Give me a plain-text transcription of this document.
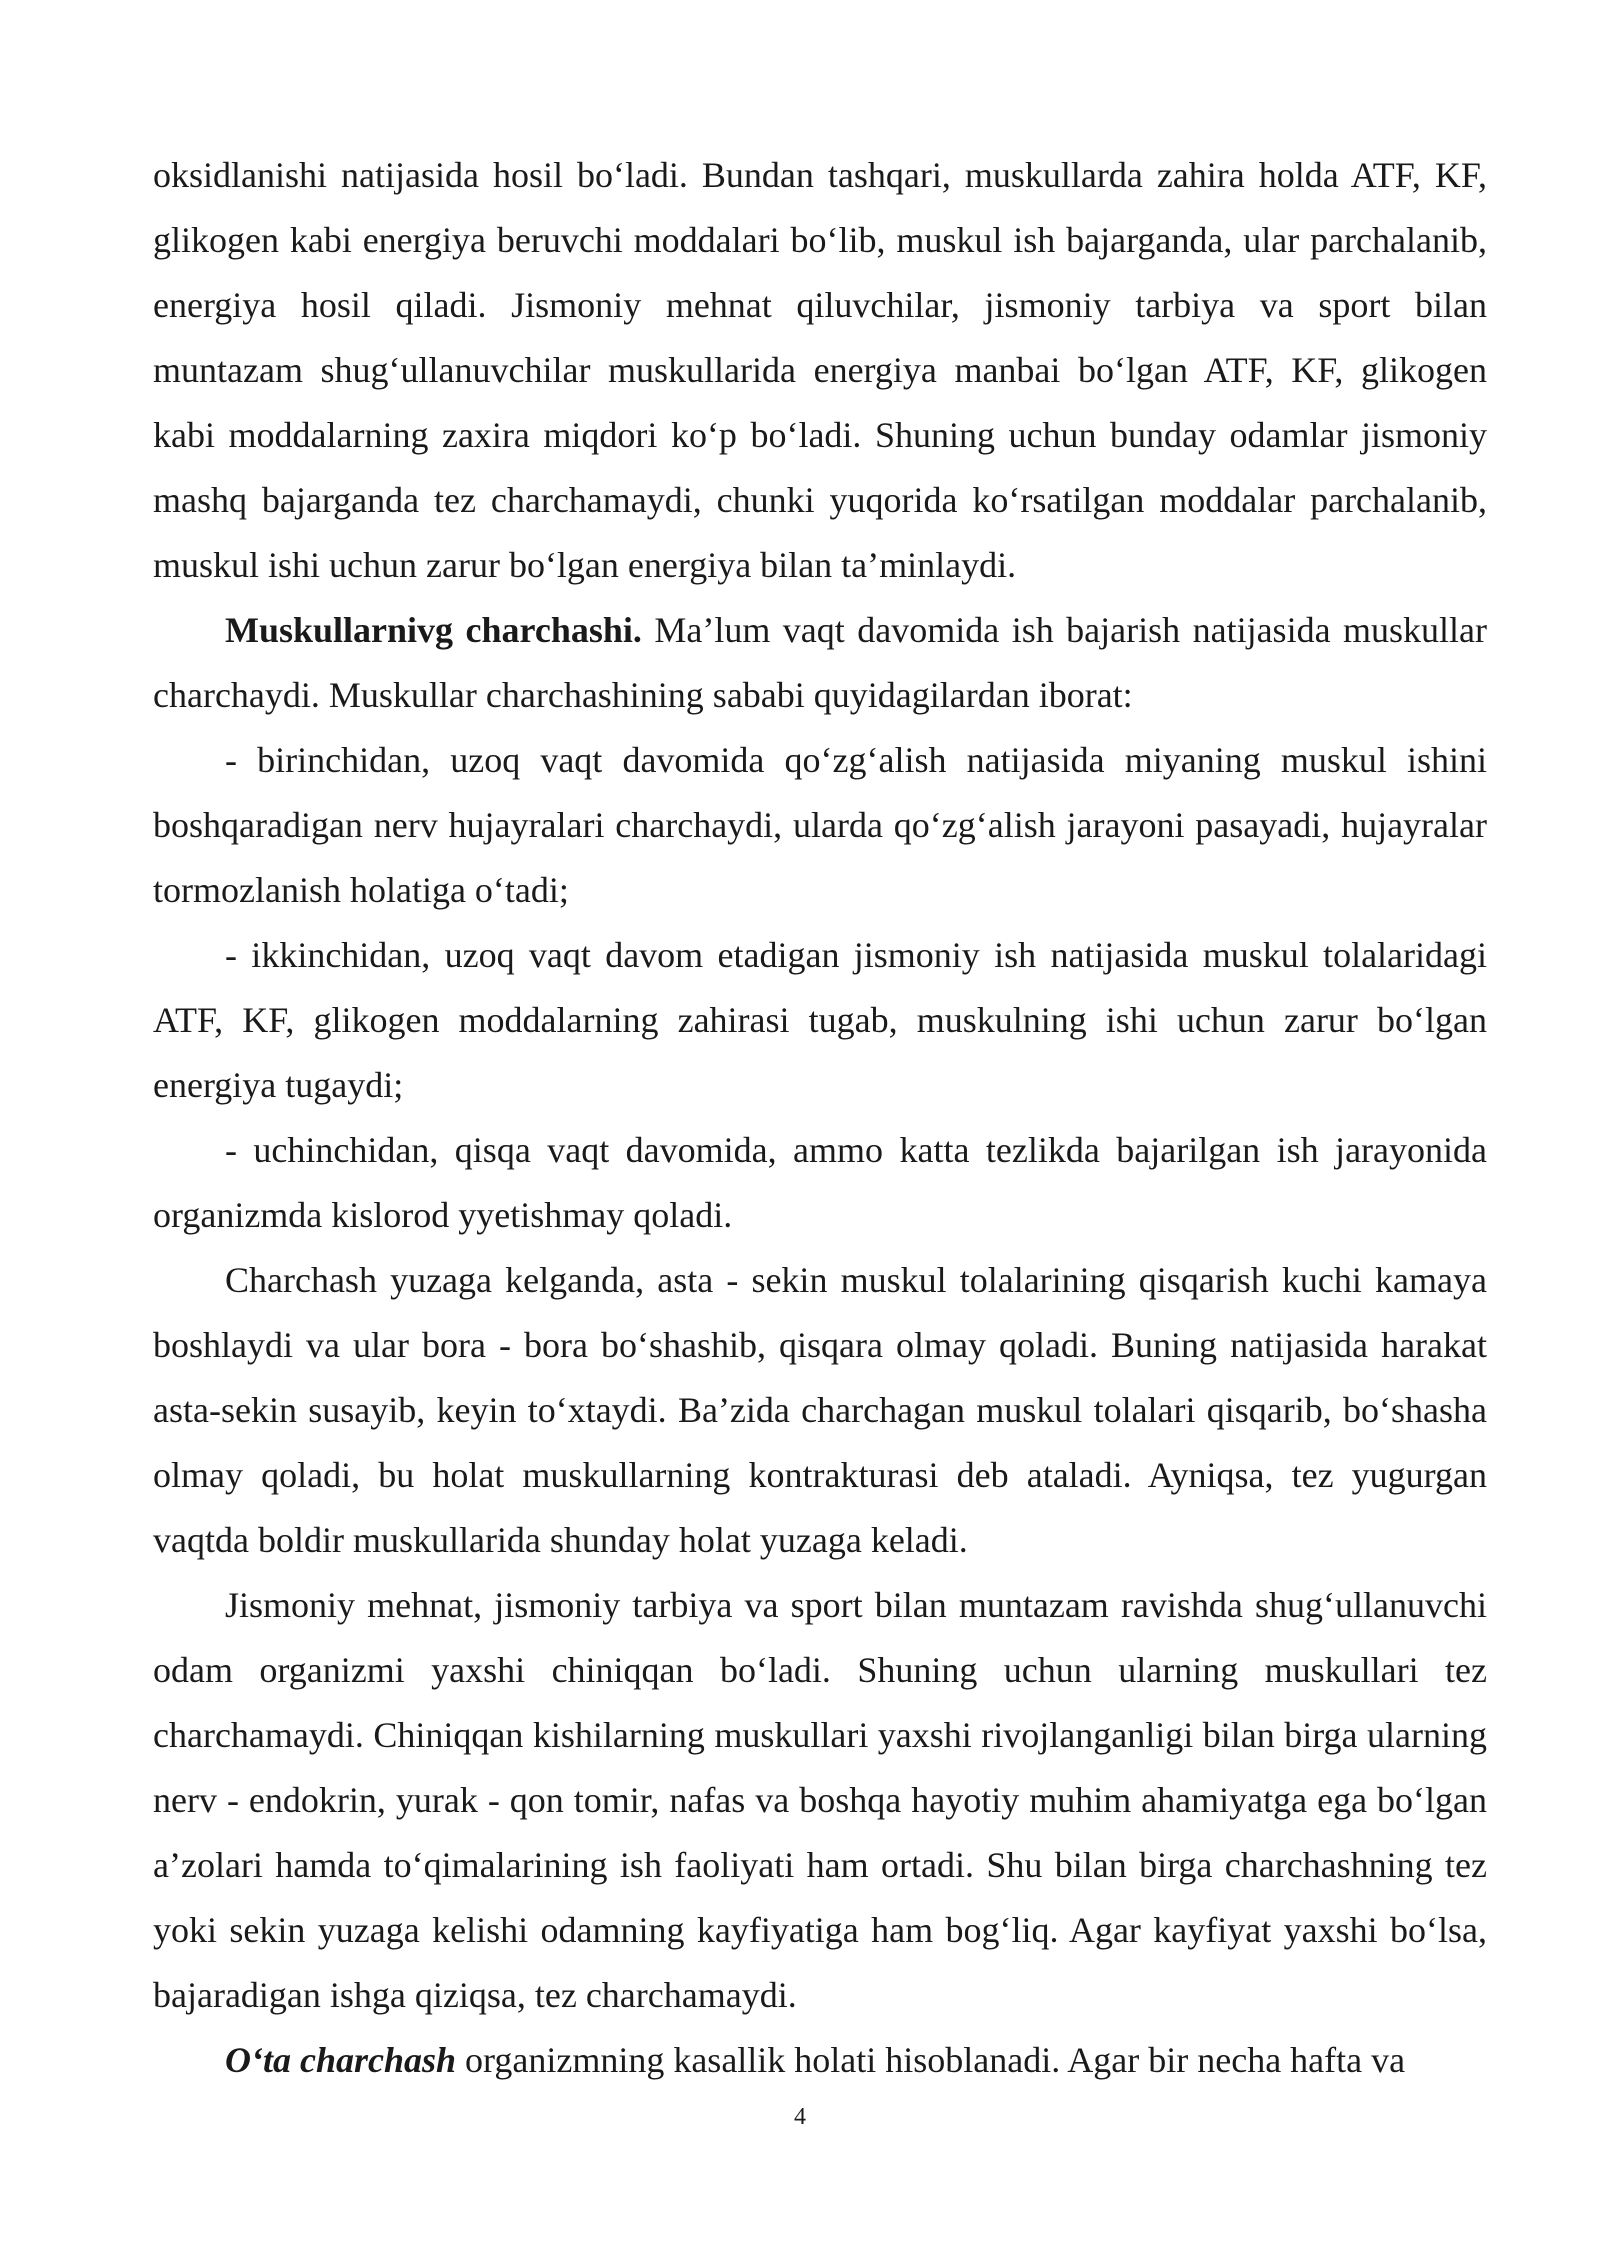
oksidlanishi natijasida hosil bo‘ladi. Bundan tashqari, muskullarda zahira holda ATF, KF, glikogen kabi energiya beruvchi moddalari bo‘lib, muskul ish bajarganda, ular parchalanib, energiya hosil qiladi. Jismoniy mehnat qiluvchilar, jismoniy tarbiya va sport bilan muntazam shug‘ullanuvchilar muskullarida energiya manbai bo‘lgan ATF, KF, glikogen kabi moddalarning zaxira miqdori ko‘p bo‘ladi. Shuning uchun bunday odamlar jismoniy mashq bajarganda tez charchamaydi, chunki yuqorida ko‘rsatilgan moddalar parchalanib, muskul ishi uchun zarur bo‘lgan energiya bilan ta’minlaydi.

Muskullarnivg charchashi. Ma’lum vaqt davomida ish bajarish natijasida muskullar charchaydi. Muskullar charchashining sababi quyidagilardan iborat:

- birinchidan, uzoq vaqt davomida qo‘zg‘alish natijasida miyaning muskul ishini boshqaradigan nerv hujayralari charchaydi, ularda qo‘zg‘alish jarayoni pasayadi, hujayralar tormozlanish holatiga o‘tadi;

- ikkinchidan, uzoq vaqt davom etadigan jismoniy ish natijasida muskul tolalaridagi ATF, KF, glikogen moddalarning zahirasi tugab, muskulning ishi uchun zarur bo‘lgan energiya tugaydi;

- uchinchidan, qisqa vaqt davomida, ammo katta tezlikda bajarilgan ish jarayonida organizmda kislorod yyetishmay qoladi.

Charchash yuzaga kelganda, asta - sekin muskul tolalarining qisqarish kuchi kamaya boshlaydi va ular bora - bora bo‘shashib, qisqara olmay qoladi. Buning natijasida harakat asta-sekin susayib, keyin to‘xtaydi. Ba’zida charchagan muskul tolalari qisqarib, bo‘shasha olmay qoladi, bu holat muskullarning kontrakturasi deb ataladi. Ayniqsa, tez yugurgan vaqtda boldir muskullarida shunday holat yuzaga keladi.

Jismoniy mehnat, jismoniy tarbiya va sport bilan muntazam ravishda shug‘ullanuvchi odam organizmi yaxshi chiniqqan bo‘ladi. Shuning uchun ularning muskullari tez charchamaydi. Chiniqqan kishilarning muskullari yaxshi rivojlanganligi bilan birga ularning nerv - endokrin, yurak - qon tomir, nafas va boshqa hayotiy muhim ahamiyatga ega bo‘lgan a’zolari hamda to‘qimalarining ish faoliyati ham ortadi. Shu bilan birga charchashning tez yoki sekin yuzaga kelishi odamning kayfiyatiga ham bog‘liq. Agar kayfiyat yaxshi bo‘lsa, bajaradigan ishga qiziqsa, tez charchamaydi.

O‘ta charchash organizmning kasallik holati hisoblanadi. Agar bir necha hafta va

4
